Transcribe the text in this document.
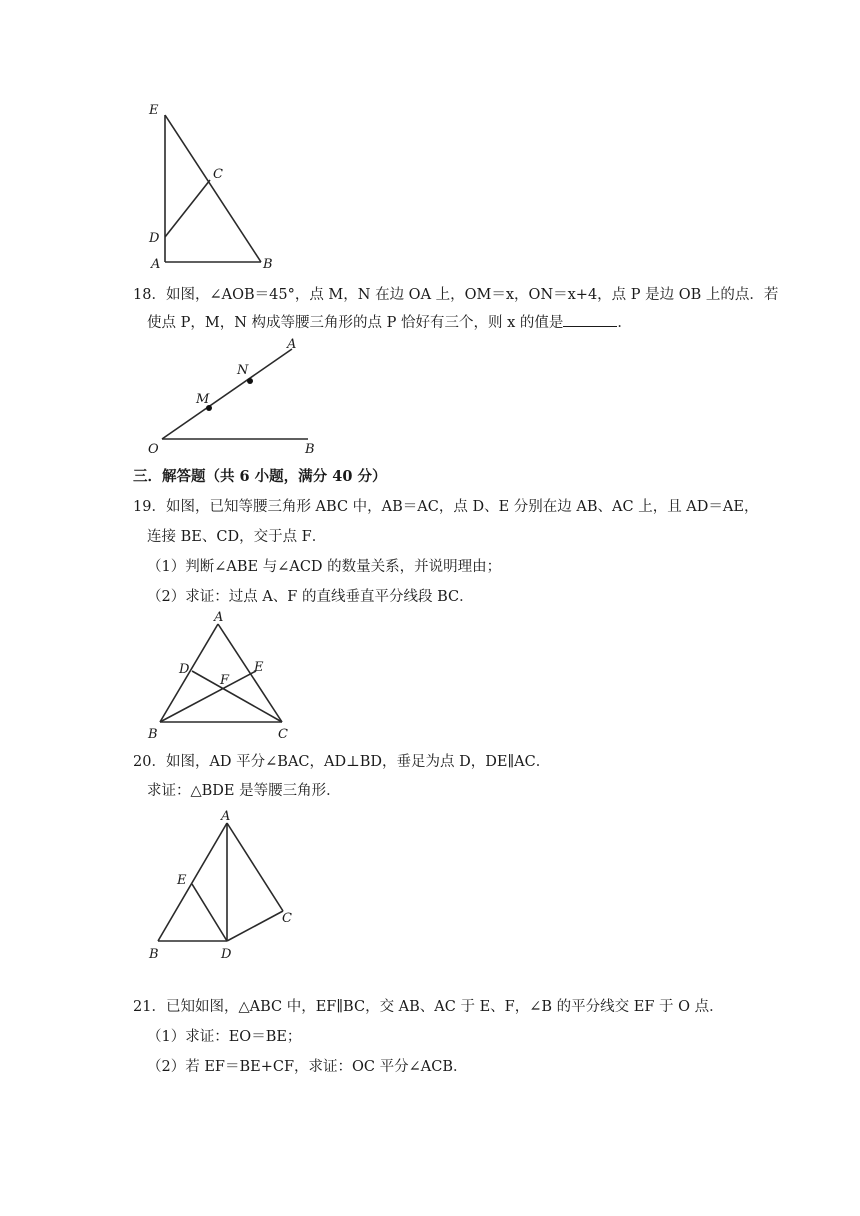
E
C
D
A	B
18．如图，∠AOB＝45°，点 M，N 在边 OA 上，OM＝x，ON＝x+4，点 P 是边 OB 上的点．若
使点 P，M，N 构成等腰三角形的点 P 恰好有三个，则 x 的值是	．
A
N
M
O	B
三．解答题（共 6 小题，满分 40 分）
19．如图，已知等腰三角形 ABC 中，AB＝AC，点 D、E 分别在边 AB、AC 上，且 AD＝AE，
连接 BE、CD，交于点 F．
（1）判断∠ABE 与∠ACD 的数量关系，并说明理由；
（2）求证：过点 A、F 的直线垂直平分线段 BC．
A
D	E
F
B	C
20．如图，AD 平分∠BAC，AD⊥BD，垂足为点 D，DE∥AC．
求证：△BDE 是等腰三角形．
A
E
C
B	D
21．已知如图，△ABC 中，EF∥BC，交 AB、AC 于 E、F，∠B 的平分线交 EF 于 O 点．
（1）求证：EO＝BE；
（2）若 EF＝BE+CF，求证：OC 平分∠ACB．
